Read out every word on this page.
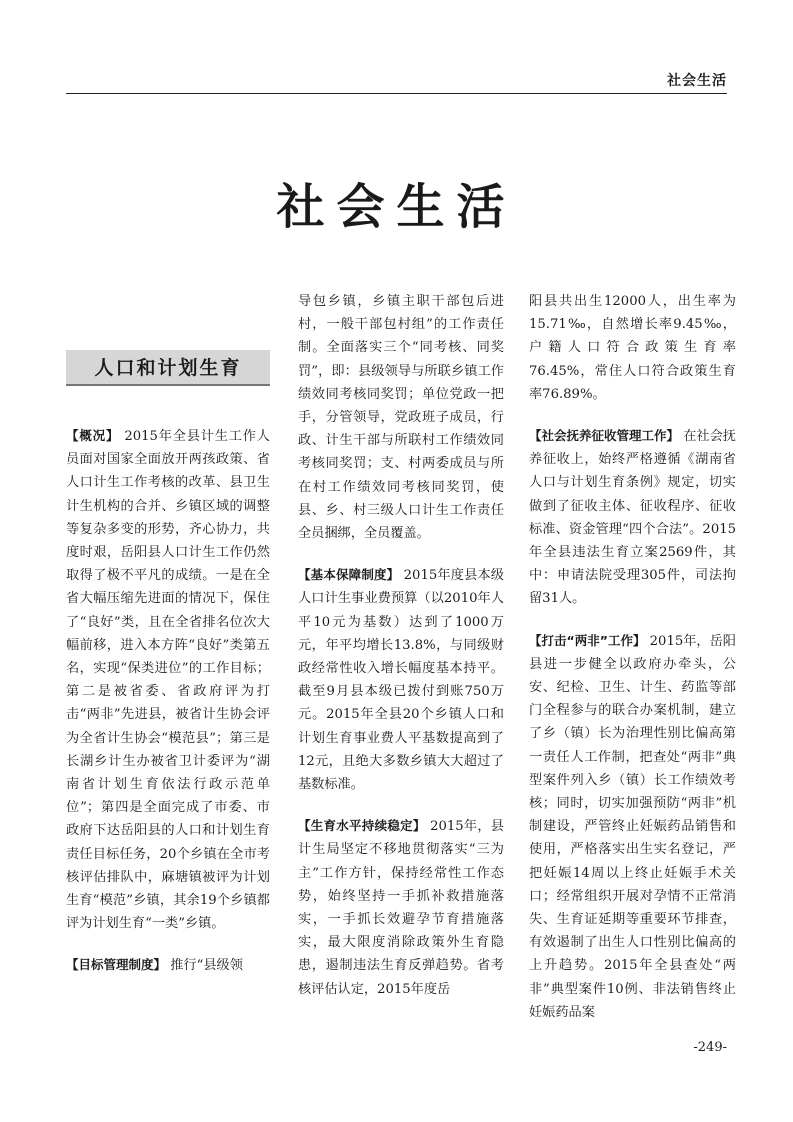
社会生活
社会生活
人口和计划生育

【概况】 2015年全县计生工作人员面对国家全面放开两孩政策、省人口计生工作考核的改革、县卫生计生机构的合并、乡镇区域的调整等复杂多变的形势，齐心协力，共度时艰，岳阳县人口计生工作仍然取得了极不平凡的成绩。一是在全省大幅压缩先进面的情况下，保住了“良好”类，且在全省排名位次大幅前移，进入本方阵“良好”类第五名，实现“保类进位”的工作目标；第二是被省委、省政府评为打击“两非”先进县，被省计生协会评为全省计生协会“模范县”；第三是长湖乡计生办被省卫计委评为“湖南省计划生育依法行政示范单位”；第四是全面完成了市委、市政府下达岳阳县的人口和计划生育责任目标任务，20个乡镇在全市考核评估排队中，麻塘镇被评为计划生育“模范”乡镇，其余19个乡镇都评为计划生育“一类”乡镇。

【目标管理制度】 推行“县级领

导包乡镇，乡镇主职干部包后进村，一般干部包村组”的工作责任制。全面落实三个“同考核、同奖罚”，即：县级领导与所联乡镇工作绩效同考核同奖罚；单位党政一把手，分管领导，党政班子成员，行政、计生干部与所联村工作绩效同考核同奖罚；支、村两委成员与所在村工作绩效同考核同奖罚，使县、乡、村三级人口计生工作责任全员捆绑，全员覆盖。

【基本保障制度】 2015年度县本级人口计生事业费预算（以2010年人平10元为基数）达到了1000万元，年平均增长13.8%，与同级财政经常性收入增长幅度基本持平。截至9月县本级已拨付到账750万元。2015年全县20个乡镇人口和计划生育事业费人平基数提高到了12元，且绝大多数乡镇大大超过了基数标准。

【生育水平持续稳定】 2015年，县计生局坚定不移地贯彻落实“三为主”工作方针，保持经常性工作态势，始终坚持一手抓补救措施落实，一手抓长效避孕节育措施落实，最大限度消除政策外生育隐患，遏制违法生育反弹趋势。省考核评估认定，2015年度岳

阳县共出生12000人，出生率为15.71‰，自然增长率9.45‰，户籍人口符合政策生育率76.45%，常住人口符合政策生育率76.89%。

【社会抚养征收管理工作】 在社会抚养征收上，始终严格遵循《湖南省人口与计划生育条例》规定，切实做到了征收主体、征收程序、征收标准、资金管理“四个合法”。2015年全县违法生育立案2569件，其中：申请法院受理305件，司法拘留31人。

【打击“两非”工作】 2015年，岳阳县进一步健全以政府办牵头，公安、纪检、卫生、计生、药监等部门全程参与的联合办案机制，建立了乡（镇）长为治理性别比偏高第一责任人工作制，把查处“两非”典型案件列入乡（镇）长工作绩效考核；同时，切实加强预防“两非”机制建设，严管终止妊娠药品销售和使用，严格落实出生实名登记，严把妊娠14周以上终止妊娠手术关口；经常组织开展对孕情不正常消失、生育证延期等重要环节排查，有效遏制了出生人口性别比偏高的上升趋势。2015年全县查处“两非”典型案件10例、非法销售终止妊娠药品案

-249-
